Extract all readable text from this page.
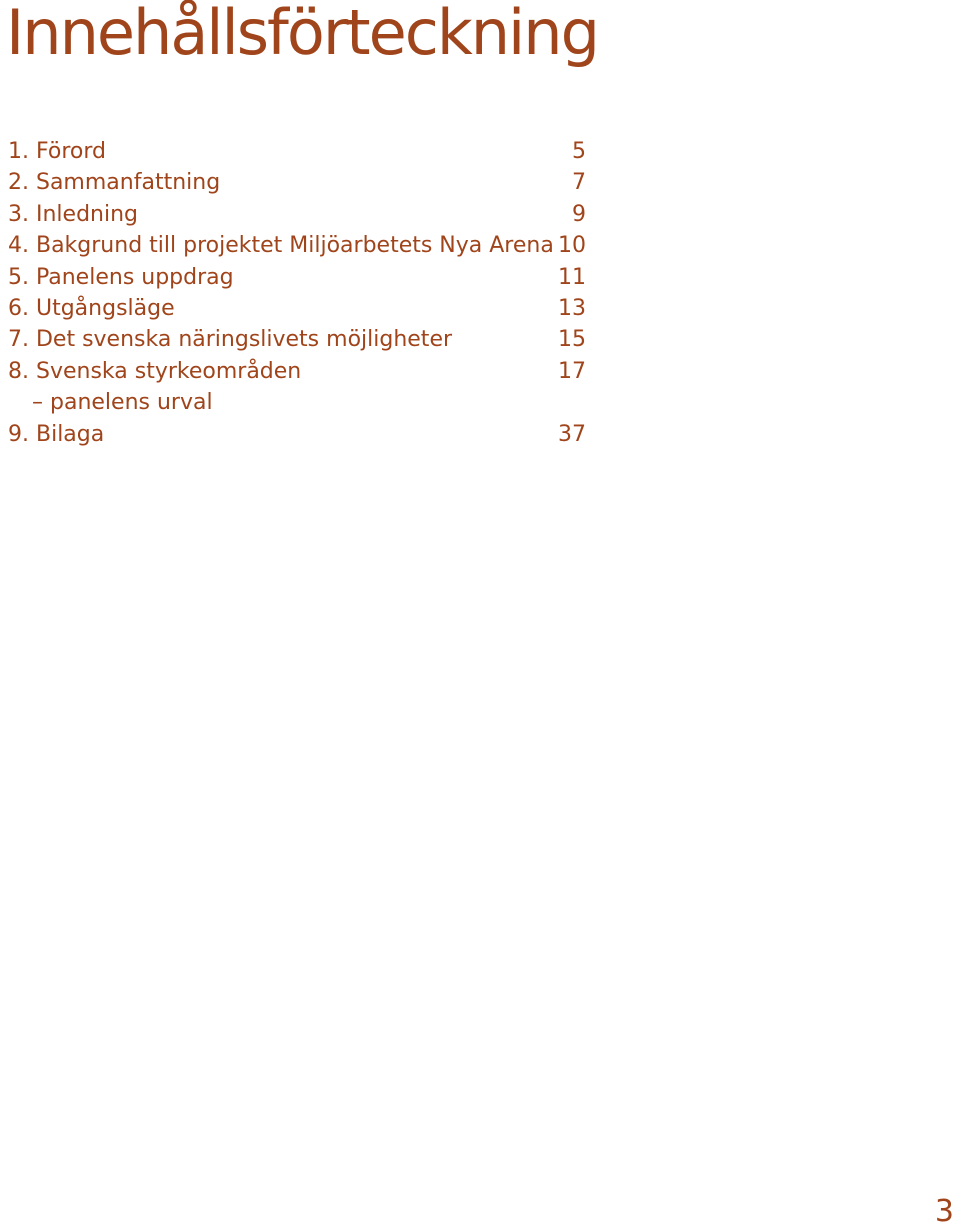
Innehållsförteckning
1. Förord	5
2. Sammanfattning	7
3. Inledning	9
4. Bakgrund till projektet Miljöarbetets Nya Arena 10
5. Panelens uppdrag	11
6. Utgångsläge	13
7. Det svenska näringslivets möjligheter	15
8. Svenska styrkeområden	17
– panelens urval
9. Bilaga	37
3
